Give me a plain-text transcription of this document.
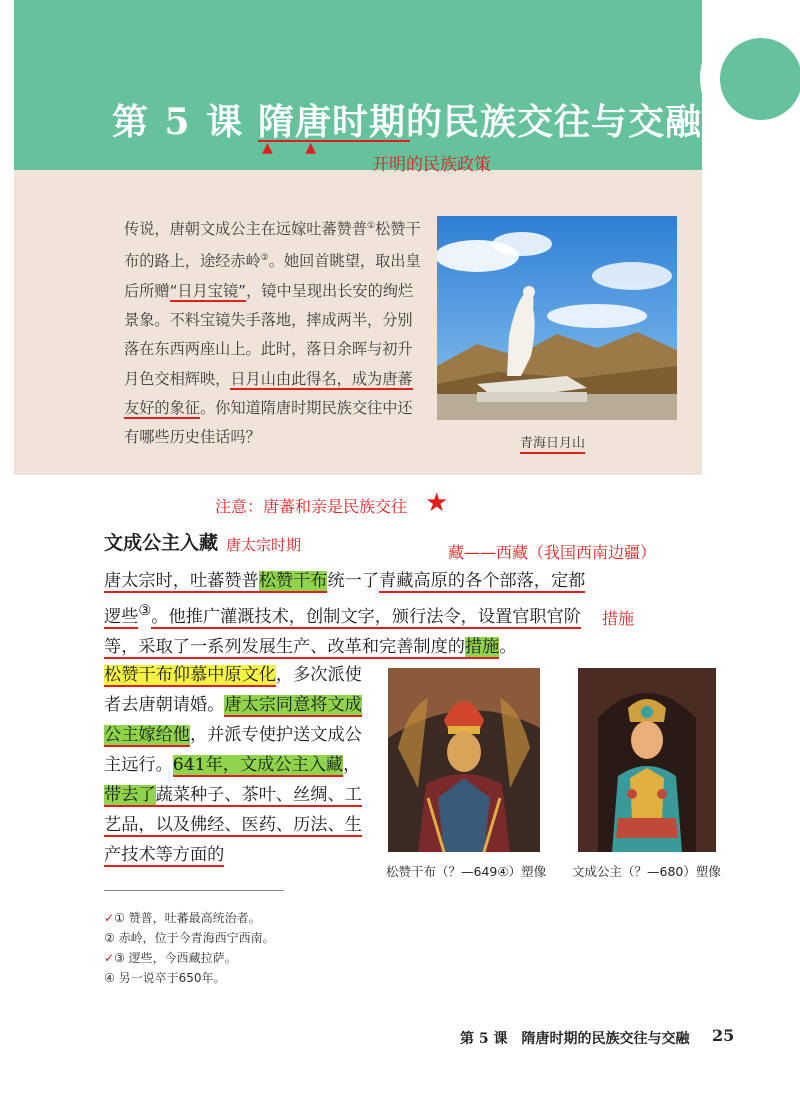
第 5 课 隋唐时期的民族交往与交融
▲ ▲
开明的民族政策
传说，唐朝文成公主在远嫁吐蕃赞普①松赞干布的路上，途经赤岭②。她回首眺望，取出皇后所赠“日月宝镜”，镜中呈现出长安的绚烂景象。不料宝镜失手落地，摔成两半，分别落在东西两座山上。此时，落日余晖与初升月色交相辉映，日月山由此得名，成为唐蕃友好的象征。你知道隋唐时期民族交往中还有哪些历史佳话吗？	青海日月山
注意：唐蕃和亲是民族交往 ★
文成公主入藏 唐太宗时期	藏——西藏（我国西南边疆）
唐太宗时，吐蕃赞普松赞干布统一了青藏高原的各个部落，定都逻些③。他推广灌溉技术，创制文字，颁行法令，设置官职官阶等，采取了一系列发展生产、改革和完善制度的措施。
措施
松赞干布仰慕中原文化，多次派使者去唐朝请婚。唐太宗同意将文成公主嫁给他，并派专使护送文成公主远行。641年，文成公主入藏，带去了蔬菜种子、茶叶、丝绸、工艺品，以及佛经、医药、历法、生产技术等方面的
松赞干布（？—649④）塑像 文成公主（？—680）塑像
✓① 赞普，吐蕃最高统治者。
② 赤岭，位于今青海西宁西南。
✓③ 逻些，今西藏拉萨。
④ 另一说卒于650年。
第 5 课　隋唐时期的民族交往与交融 25
